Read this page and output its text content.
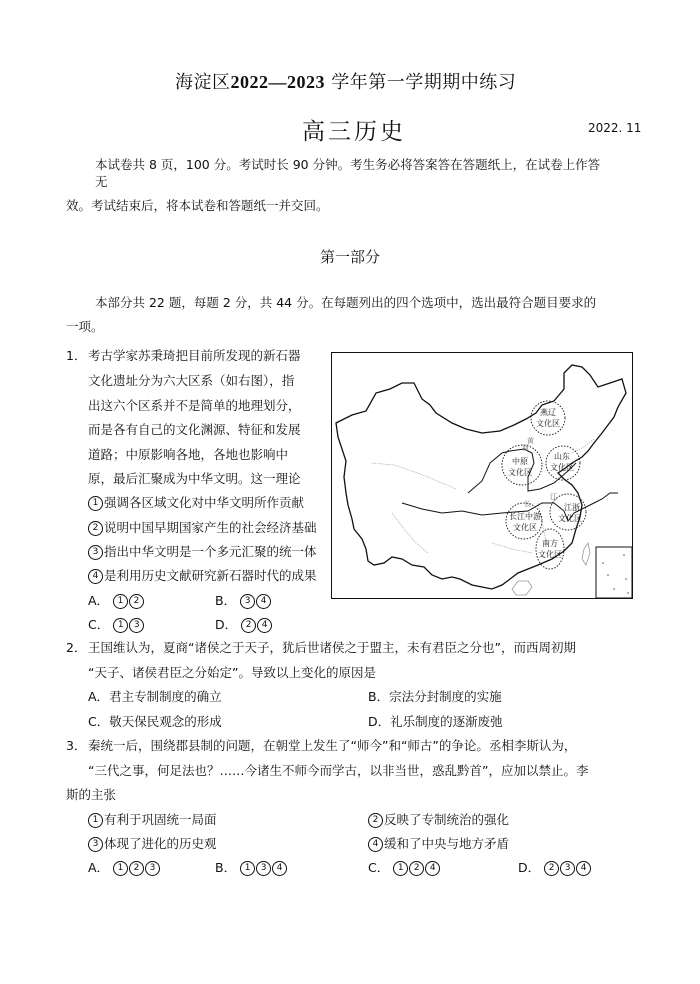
海淀区2022—2023 学年第一学期期中练习
高三历史	2022. 11
本试卷共 8 页，100 分。考试时长 90 分钟。考生务必将答案答在答题纸上，在试卷上作答
无
效。考试结束后，将本试卷和答题纸一并交回。
第一部分
本部分共 22 题，每题 2 分，共 44 分。在每题列出的四个选项中，选出最符合题目要求的
一项。
1． 考古学家苏秉琦把目前所发现的新石器
文化遗址分为六大区系（如右图），指
出这六个区系并不是简单的地理划分，
而是各有自己的文化渊源、特征和发展
道路；中原影响各地，各地也影响中
原，最后汇聚成为中华文明。这一理论
1 强调各区域文化对中华文明所作贡献
2 说明中国早期国家产生的社会经济基础
3 指出中华文明是一个多元汇聚的统一体
4 是利用历史文献研究新石器时代的成果
A． 1 2	B． 3 4
C． 1 3	D． 2 4
燕辽
文化区
中原
文化区
山东
文化区
长江中游
文化区
江浙
文化区
南方
文化区
黄
河
长
江
2． 王国维认为，夏商“诸侯之于天子，犹后世诸侯之于盟主，未有君臣之分也”，而西周初期
“天子、诸侯君臣之分始定”。导致以上变化的原因是
A．君主专制制度的确立	B．宗法分封制度的实施
C．敬天保民观念的形成	D．礼乐制度的逐渐废弛
3． 秦统一后，围绕郡县制的问题，在朝堂上发生了“师今”和“师古”的争论。丞相李斯认为，
“三代之事，何足法也？……今诸生不师今而学古，以非当世，惑乱黔首”，应加以禁止。李
斯的主张
1 有利于巩固统一局面	2 反映了专制统治的强化
3 体现了进化的历史观	4 缓和了中央与地方矛盾
A． 1 2 3	B． 1 3 4	C． 1 2 4	D． 2 3 4
